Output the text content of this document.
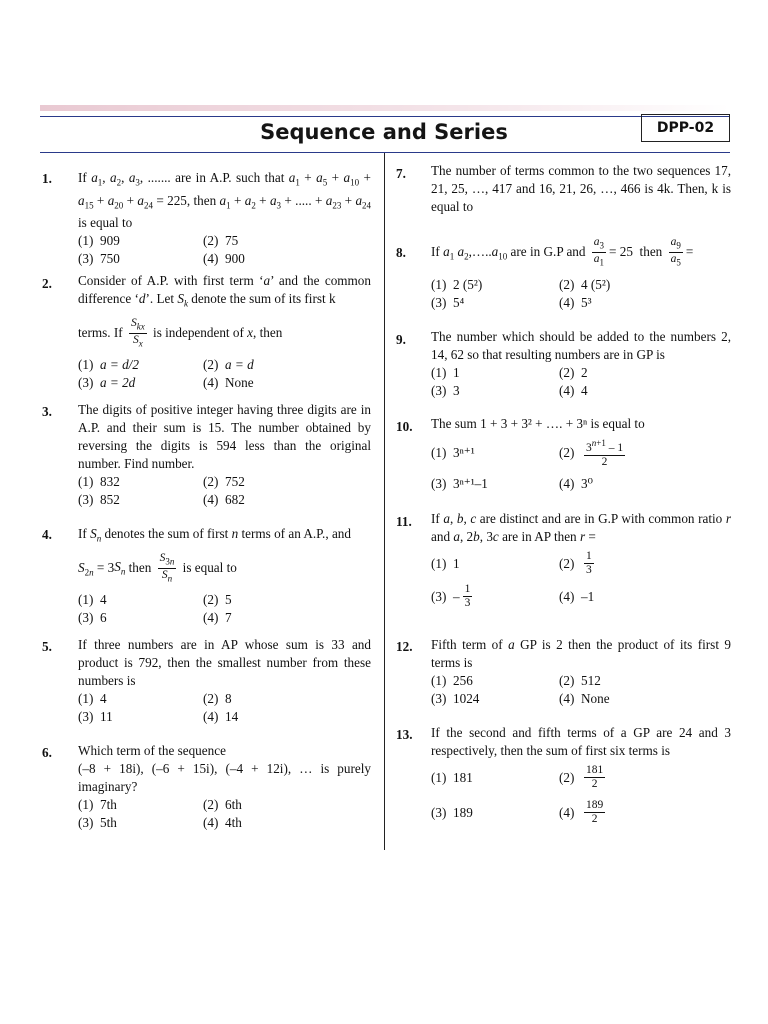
Sequence and Series	DPP-02
1. If $a_1$, $a_2$, $a_3$, ....... are in A.P. such that $a_1 + a_5 + a_{10} + a_{15} + a_{20} + a_{24} = 225$, then $a_1 + a_2 + a_3$ + ..... + $a_{23} + a_{24}$ is equal to
(1) 909	(2) 75
(3) 750	(4) 900
2. Consider of A.P. with first term ‘a’ and the common difference ‘d’. Let $S_k$ denote the sum of its first k
terms. If $\frac{S_{kx}}{S_x}$ is independent of x, then
(1) a = d/2	(2) a = d
(3) a = 2d	(4) None
3. The digits of positive integer having three digits are in A.P. and their sum is 15. The number obtained by reversing the digits is 594 less than the original number. Find number.
(1) 832	(2) 752
(3) 852	(4) 682
4. If $S_n$ denotes the sum of first n terms of an A.P., and
$S_{2n} = 3S_n$ then $\frac{S_{3n}}{S_n}$ is equal to
(1) 4	(2) 5
(3) 6	(4) 7
5. If three numbers are in AP whose sum is 33 and product is 792, then the smallest number from these numbers is
(1) 4	(2) 8
(3) 11	(4) 14
6. Which term of the sequence
(–8 + 18i), (–6 + 15i), (–4 + 12i), … is purely imaginary?
(1) 7th	(2) 6th
(3) 5th	(4) 4th
7. The number of terms common to the two sequences 17, 21, 25, …, 417 and 16, 21, 26, …, 466 is 4k. Then, k is equal to
8. If $a_1$ $a_2,\dots..a_{10}$ are in G.P and $\frac{a_3}{a_1} = 25$  then $\frac{a_9}{a_5}$ =
(1) 2 (5²)	(2) 4 (5²)
(3) 5⁴	(4) 5³
9. The number which should be added to the numbers 2, 14, 62 so that resulting numbers are in GP is
(1) 1	(2) 2
(3) 3	(4) 4
10. The sum 1 + 3 + 3² + …. + 3ⁿ is equal to
(1) 3ⁿ⁺¹	$(2) \frac{3^{n+1} - 1}{2}$
(3) 3ⁿ⁺¹–1	(4) 3⁰
11. If a, b, c are distinct and are in G.P with common ratio r and a, 2b, 3c are in AP then r =
(1) 1	$(2) \frac{1}{3}$
$(3) - \frac{1}{3}$	(4) –1
12. Fifth term of a GP is 2 then the product of its first 9 terms is
(1) 256	(2) 512
(3) 1024	(4) None
13. If the second and fifth terms of a GP are 24 and 3 respectively, then the sum of first six terms is
(1) 181	$(2) \frac{181}{2}$
(3) 189	$(4) \frac{189}{2}$
